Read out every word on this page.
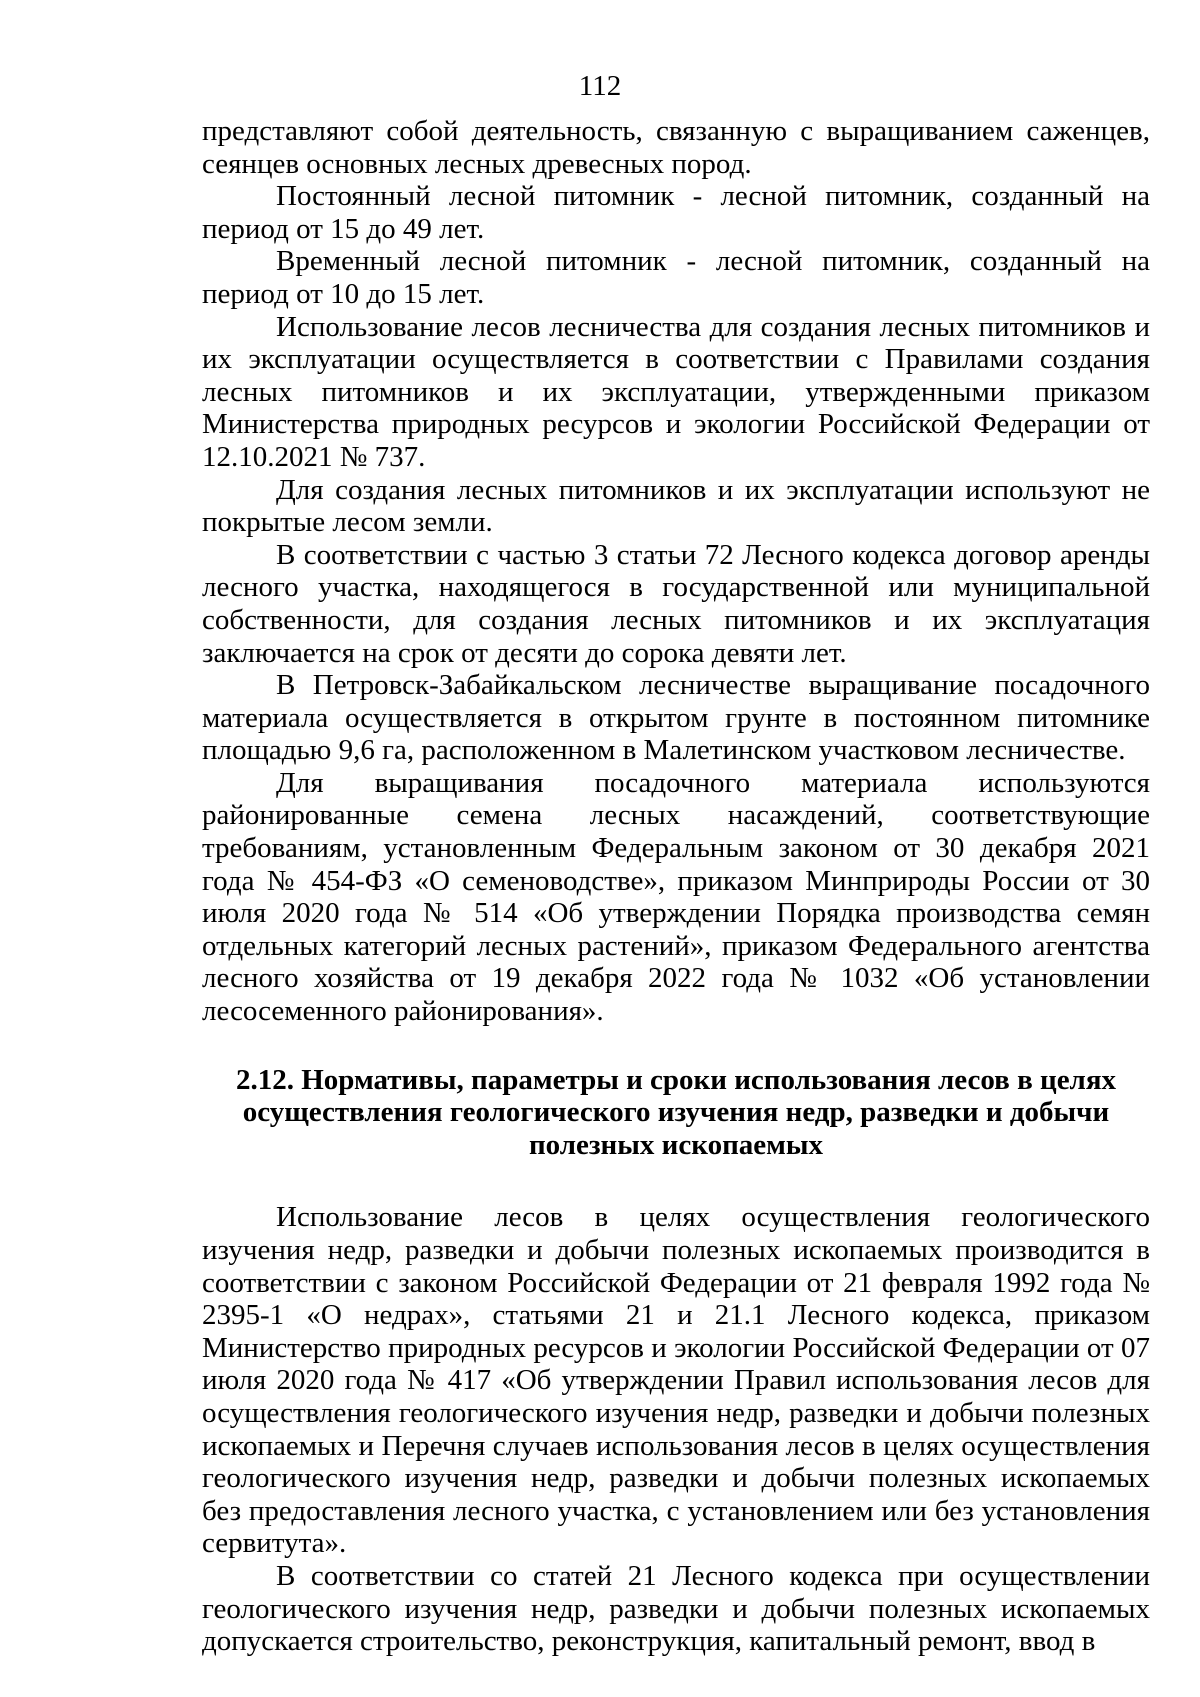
112

представляют собой деятельность, связанную с выращиванием саженцев, сеянцев основных лесных древесных пород.

Постоянный лесной питомник - лесной питомник, созданный на период от 15 до 49 лет.

Временный лесной питомник - лесной питомник, созданный на период от 10 до 15 лет.

Использование лесов лесничества для создания лесных питомников и их эксплуатации осуществляется в соответствии с Правилами создания лесных питомников и их эксплуатации, утвержденными приказом Министерства природных ресурсов и экологии Российской Федерации от 12.10.2021 № 737.

Для создания лесных питомников и их эксплуатации используют не покрытые лесом земли.

В соответствии с частью 3 статьи 72 Лесного кодекса договор аренды лесного участка, находящегося в государственной или муниципальной собственности, для создания лесных питомников и их эксплуатация заключается на срок от десяти до сорока девяти лет.

В Петровск-Забайкальском лесничестве выращивание посадочного материала осуществляется в открытом грунте в постоянном питомнике площадью 9,6 га, расположенном в Малетинском участковом лесничестве.

Для выращивания посадочного материала используются районированные семена лесных насаждений, соответствующие требованиям, установленным Федеральным законом от 30 декабря 2021 года № 454-ФЗ «О семеноводстве», приказом Минприроды России от 30 июля 2020 года № 514 «Об утверждении Порядка производства семян отдельных категорий лесных растений», приказом Федерального агентства лесного хозяйства от 19 декабря 2022 года № 1032 «Об установлении лесосеменного районирования».

2.12. Нормативы, параметры и сроки использования лесов в целях
осуществления геологического изучения недр, разведки и добычи
полезных ископаемых

Использование лесов в целях осуществления геологического изучения недр, разведки и добычи полезных ископаемых производится в соответствии с законом Российской Федерации от 21 февраля 1992 года № 2395-1 «О недрах», статьями 21 и 21.1 Лесного кодекса, приказом Министерство природных ресурсов и экологии Российской Федерации от 07 июля 2020 года № 417 «Об утверждении Правил использования лесов для осуществления геологического изучения недр, разведки и добычи полезных ископаемых и Перечня случаев использования лесов в целях осуществления геологического изучения недр, разведки и добычи полезных ископаемых без предоставления лесного участка, с установлением или без установления сервитута».

В соответствии со статей 21 Лесного кодекса при осуществлении геологического изучения недр, разведки и добычи полезных ископаемых допускается строительство, реконструкция, капитальный ремонт, ввод в
